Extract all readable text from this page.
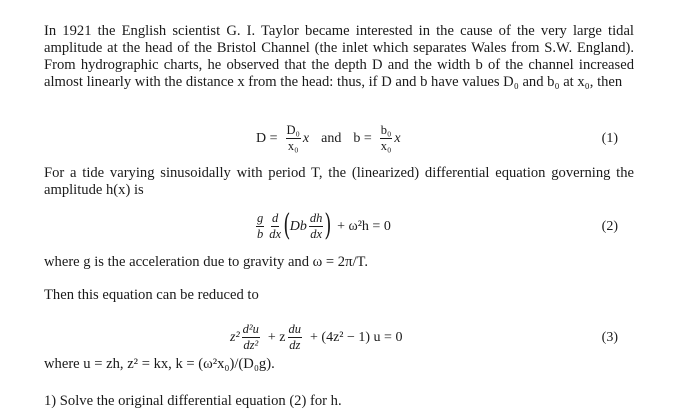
In 1921 the English scientist G. I. Taylor became interested in the cause of the very large tidal amplitude at the head of the Bristol Channel (the inlet which separates Wales from S.W. England). From hydrographic charts, he observed that the depth D and the width b of the channel increased almost linearly with the distance x from the head: thus, if D and b have values D₀ and b₀ at x₀, then
$D = \frac{\text{D₀}}{\text{x₀}}$ x and $b = \frac{\text{b₀}}{\text{x₀}}$ x	(1)
For a tide varying sinusoidally with period T, the (linearized) differential equation governing the amplitude h(x) is
$\frac{g}{b} \frac{d}{dx}$ ( Db $\frac{dh}{dx}$ ) + ω²h = 0	(2)
where g is the acceleration due to gravity and ω = 2π/T.
Then this equation can be reduced to
$z^2 \frac{\text{d²u}}{\text{dz²}} + z \frac{du}{dz} + (4z^2 - 1) u = 0$	(3)
where u = zh, z² = kx, k = (ω²x₀)/(D₀g).
1) Solve the original differential equation (2) for h.
